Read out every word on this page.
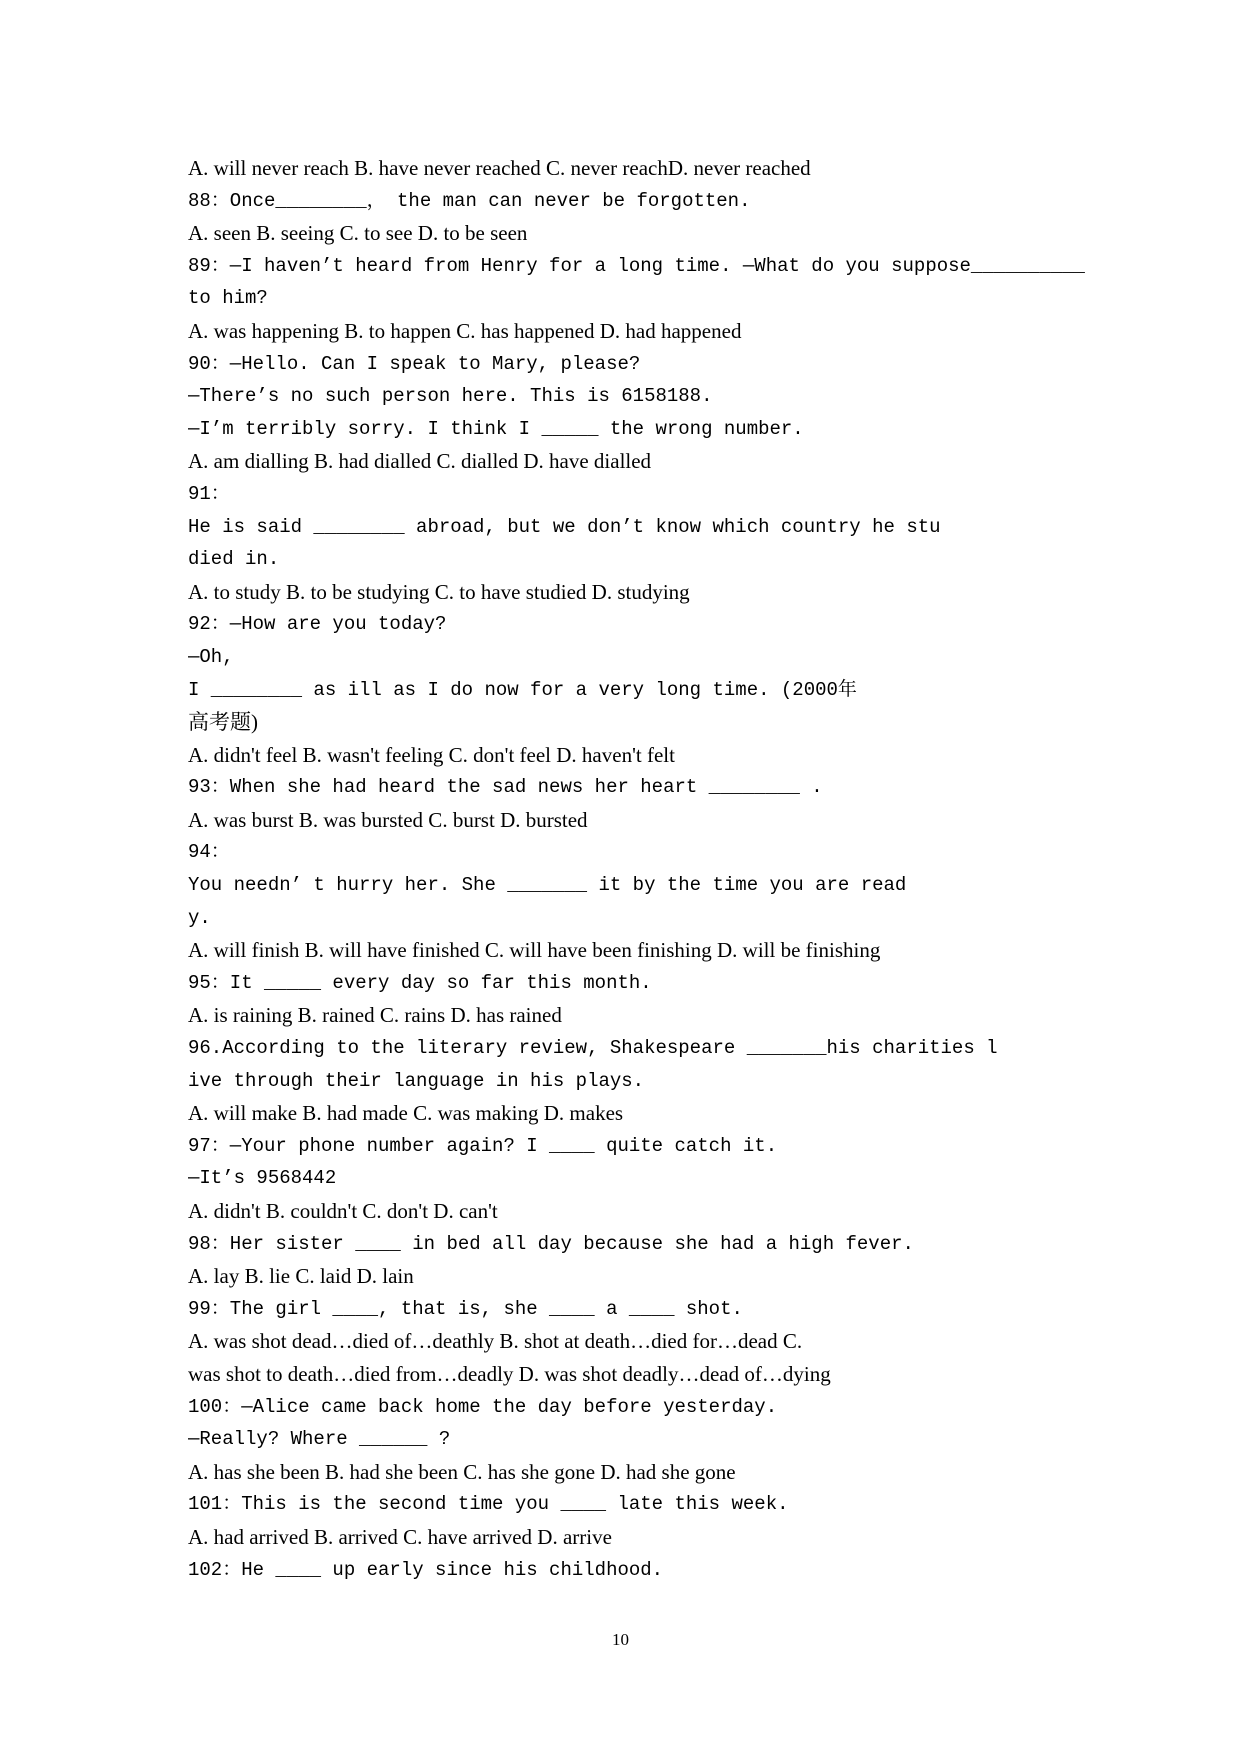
A. will never reach B. have never reached C. never reachD. never reached
88：Once________， the man can never be forgotten.
A. seen B. seeing C. to see D. to be seen
89：—I haven’t heard from Henry for a long time. —What do you suppose__________
to him?
A. was happening B. to happen C. has happened D. had happened
90：—Hello. Can I speak to Mary, please?
—There’s no such person here. This is 6158188.
—I’m terribly sorry. I think I _____ the wrong number.
A. am dialling B. had dialled C. dialled D. have dialled
91：
He is said ________ abroad, but we don’t know which country he stu
died in.
A. to study B. to be studying C. to have studied D. studying
92：—How are you today?
—Oh,
I ________ as ill as I do now for a very long time. (2000年
高考题)
A. didn't feel B. wasn't feeling C. don't feel D. haven't felt
93：When she had heard the sad news her heart ________ .
A. was burst B. was bursted C. burst D. bursted
94：
You needn’ t hurry her. She _______ it by the time you are read
y.
A. will finish B. will have finished C. will have been finishing D. will be finishing
95：It _____ every day so far this month.
A. is raining B. rained C. rains D. has rained
96.According to the literary review, Shakespeare _______his charities l
ive through their language in his plays.
A. will make B. had made C. was making D. makes
97：—Your phone number again? I ____ quite catch it.
—It’s 9568442
A. didn't B. couldn't C. don't D. can't
98：Her sister ____ in bed all day because she had a high fever.
A. lay B. lie C. laid D. lain
99：The girl ____, that is, she ____ a ____ shot.
A. was shot dead…died of…deathly B. shot at death…died for…dead C.
was shot to death…died from…deadly D. was shot deadly…dead of…dying
100：—Alice came back home the day before yesterday.
—Really? Where ______ ?
A. has she been B. had she been C. has she gone D. had she gone
101：This is the second time you ____ late this week.
A. had arrived B. arrived C. have arrived D. arrive
102：He ____ up early since his childhood.
10
